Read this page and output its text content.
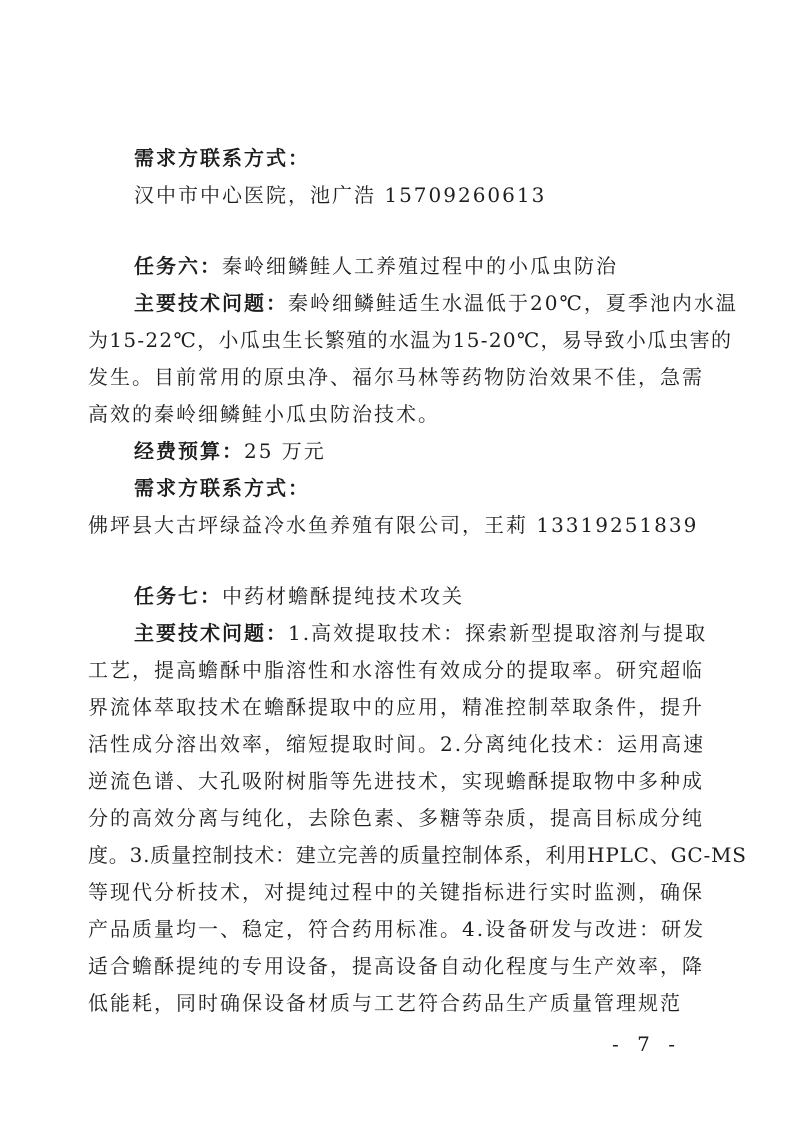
需求方联系方式：
汉中市中心医院，池广浩 15709260613
任务六：秦岭细鳞鲑人工养殖过程中的小瓜虫防治
主要技术问题：秦岭细鳞鲑适生水温低于20℃，夏季池内水温
为15-22℃，小瓜虫生长繁殖的水温为15-20℃，易导致小瓜虫害的
发生。目前常用的原虫净、福尔马林等药物防治效果不佳，急需
高效的秦岭细鳞鲑小瓜虫防治技术。
经费预算：25 万元
需求方联系方式：
佛坪县大古坪绿益冷水鱼养殖有限公司，王莉 13319251839
任务七：中药材蟾酥提纯技术攻关
主要技术问题：1.高效提取技术：探索新型提取溶剂与提取
工艺，提高蟾酥中脂溶性和水溶性有效成分的提取率。研究超临
界流体萃取技术在蟾酥提取中的应用，精准控制萃取条件，提升
活性成分溶出效率，缩短提取时间。2.分离纯化技术：运用高速
逆流色谱、大孔吸附树脂等先进技术，实现蟾酥提取物中多种成
分的高效分离与纯化，去除色素、多糖等杂质，提高目标成分纯
度。3.质量控制技术：建立完善的质量控制体系，利用HPLC、GC-MS
等现代分析技术，对提纯过程中的关键指标进行实时监测，确保
产品质量均一、稳定，符合药用标准。4.设备研发与改进：研发
适合蟾酥提纯的专用设备，提高设备自动化程度与生产效率，降
低能耗，同时确保设备材质与工艺符合药品生产质量管理规范
- 7 -
